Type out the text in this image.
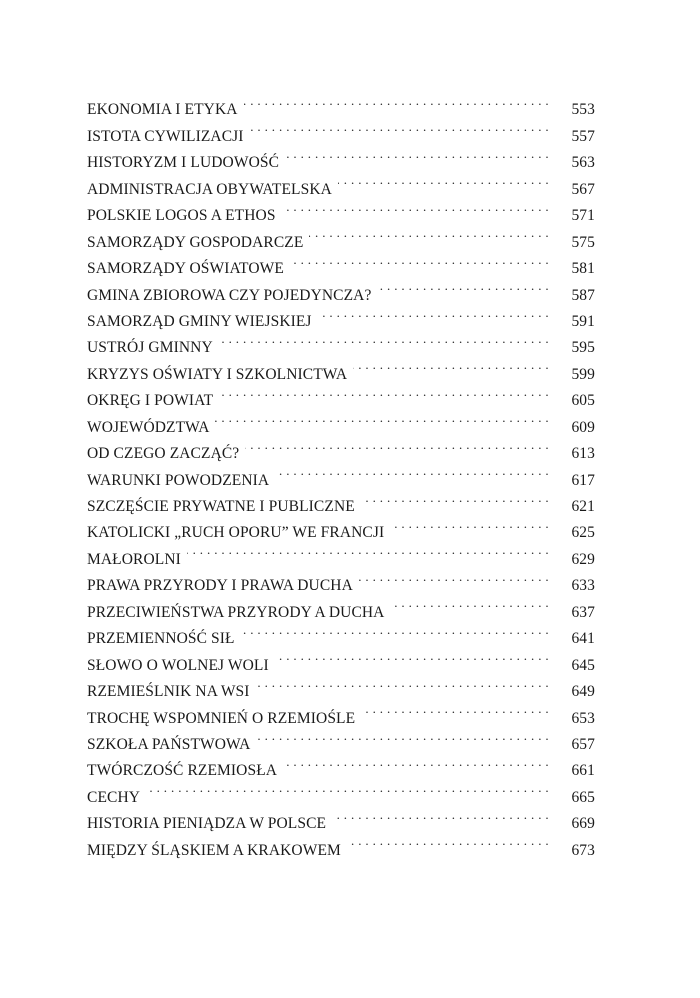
EKONOMIA I ETYKA . . .	553
ISTOTA CYWILIZACJI . . .	557
HISTORYZM I LUDOWOŚĆ . . .	563
ADMINISTRACJA OBYWATELSKA . . .	567
POLSKIE LOGOS A ETHOS . . .	571
SAMORZĄDY GOSPODARCZE . . .	575
SAMORZĄDY OŚWIATOWE . . .	581
GMINA ZBIOROWA CZY POJEDYNCZA? . . .	587
SAMORZĄD GMINY WIEJSKIEJ . . .	591
USTRÓJ GMINNY . . .	595
KRYZYS OŚWIATY I SZKOLNICTWA . . .	599
OKRĘG I POWIAT . . .	605
WOJEWÓDZTWA . . .	609
OD CZEGO ZACZĄĆ? . . .	613
WARUNKI POWODZENIA . . .	617
SZCZĘŚCIE PRYWATNE I PUBLICZNE . . .	621
KATOLICKI „RUCH OPORU” WE FRANCJI . . .	625
MAŁOROLNI . . .	629
PRAWA PRZYRODY I PRAWA DUCHA . . .	633
PRZECIWIEŃSTWA PRZYRODY A DUCHA . . .	637
PRZEMIENNOŚĆ SIŁ . . .	641
SŁOWO O WOLNEJ WOLI . . .	645
RZEMIEŚLNIK NA WSI . . .	649
TROCHĘ WSPOMNIEŃ O RZEMIOŚLE . . .	653
SZKOŁA PAŃSTWOWA . . .	657
TWÓRCZOŚĆ RZEMIOSŁA . . .	661
CECHY . . .	665
HISTORIA PIENIĄDZA W POLSCE . . .	669
MIĘDZY ŚLĄSKIEM A KRAKOWEM . . .	673
